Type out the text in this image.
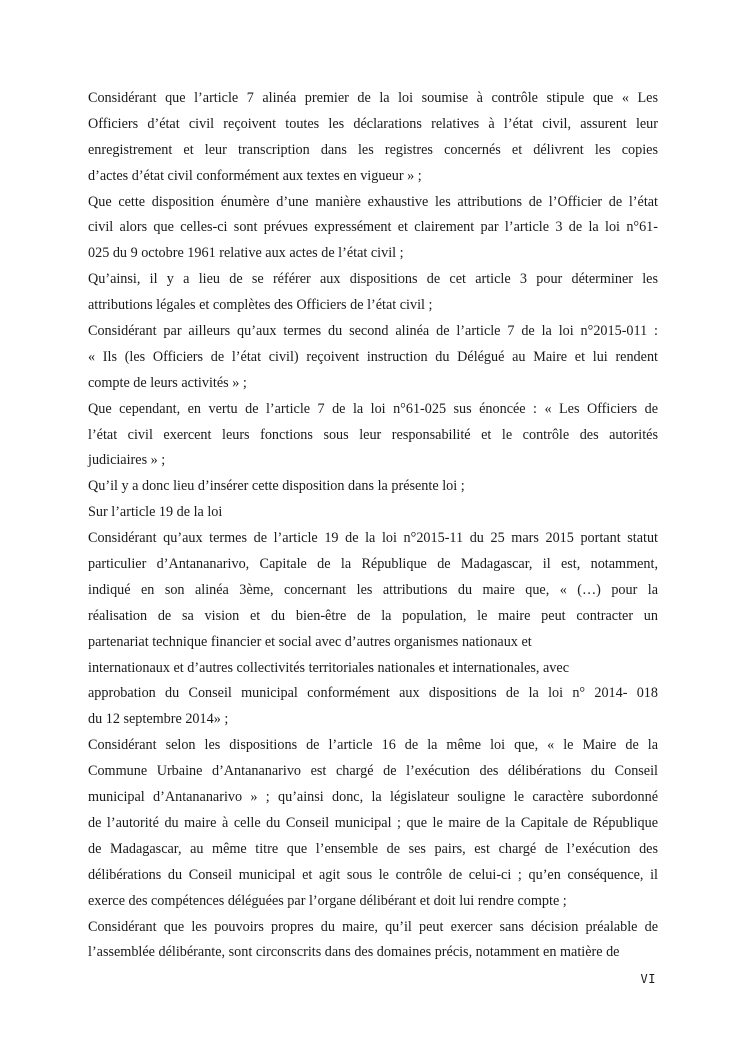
Considérant que l’article 7 alinéa premier de la loi soumise à contrôle stipule que « Les
Officiers d’état civil reçoivent toutes les déclarations relatives à l’état civil, assurent leur
enregistrement et leur transcription dans les registres concernés et délivrent les copies
d’actes d’état civil conformément aux textes en vigueur » ;
Que cette disposition énumère d’une manière exhaustive les attributions de l’Officier de l’état
civil alors que celles-ci sont prévues expressément et clairement par l’article 3 de la loi n°61-
025 du 9 octobre 1961 relative aux actes de l’état civil ;
Qu’ainsi, il y a lieu de se référer aux dispositions de cet article 3 pour déterminer les
attributions légales et complètes des Officiers de l’état civil ;
Considérant par ailleurs qu’aux termes du second alinéa de l’article 7 de la loi n°2015-011 :
« Ils (les Officiers de l’état civil) reçoivent instruction du Délégué au Maire et lui rendent
compte de leurs activités » ;
Que cependant, en vertu de l’article 7 de la loi n°61-025 sus énoncée : « Les Officiers de
l’état civil exercent leurs fonctions sous leur responsabilité et le contrôle des autorités
judiciaires » ;
Qu’il y a donc lieu d’insérer cette disposition dans la présente loi ;
Sur l’article 19 de la loi
Considérant qu’aux termes de l’article 19 de la loi n°2015-11 du 25 mars 2015 portant statut
particulier d’Antananarivo, Capitale de la République de Madagascar, il est, notamment,
indiqué en son alinéa 3ème, concernant les attributions du maire que, « (…) pour la
réalisation de sa vision et du bien-être de la population, le maire peut contracter un
partenariat technique financier et social avec d’autres organismes nationaux et
internationaux et d’autres collectivités territoriales nationales et internationales, avec
approbation du Conseil municipal conformément aux dispositions de la loi n° 2014- 018
du 12 septembre 2014» ;
Considérant selon les dispositions de l’article 16 de la même loi que, « le Maire de la
Commune Urbaine d’Antananarivo est chargé de l’exécution des délibérations du Conseil
municipal d’Antananarivo » ; qu’ainsi donc, la législateur souligne le caractère subordonné
de l’autorité du maire à celle du Conseil municipal ; que le maire de la Capitale de République
de Madagascar, au même titre que l’ensemble de ses pairs, est chargé de l’exécution des
délibérations du Conseil municipal et agit sous le contrôle de celui-ci ; qu’en conséquence, il
exerce des compétences déléguées par l’organe délibérant et doit lui rendre compte ;
Considérant que les pouvoirs propres du maire, qu’il peut exercer sans décision préalable de
l’assemblée délibérante, sont circonscrits dans des domaines précis, notamment en matière de
VI
